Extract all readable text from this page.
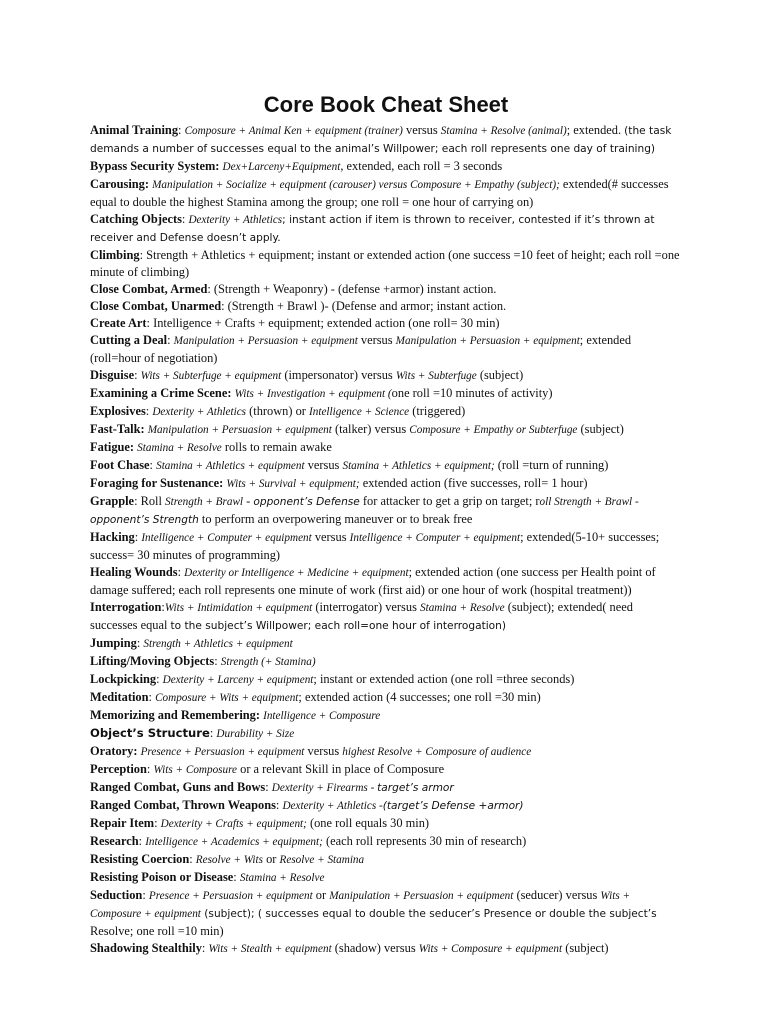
Core Book Cheat Sheet

Animal Training: Composure + Animal Ken + equipment (trainer) versus Stamina + Resolve (animal); extended. (the task demands a number of successes equal to the animal’s Willpower; each roll represents one day of training)

Bypass Security System: Dex+Larceny+Equipment, extended, each roll = 3 seconds

Carousing: Manipulation + Socialize + equipment (carouser) versus Composure + Empathy (subject); extended(# successes equal to double the highest Stamina among the group; one roll = one hour of carrying on)

Catching Objects: Dexterity + Athletics; instant action if item is thrown to receiver, contested if it’s thrown at receiver and Defense doesn’t apply.

Climbing: Strength + Athletics + equipment; instant or extended action (one success =10 feet of height; each roll =one minute of climbing)

Close Combat, Armed: (Strength + Weaponry) - (defense +armor) instant action.

Close Combat, Unarmed: (Strength + Brawl )- (Defense and armor; instant action.

Create Art: Intelligence + Crafts + equipment; extended action (one roll= 30 min)

Cutting a Deal: Manipulation + Persuasion + equipment versus Manipulation + Persuasion + equipment; extended (roll=hour of negotiation)

Disguise: Wits + Subterfuge + equipment (impersonator) versus Wits + Subterfuge (subject)

Examining a Crime Scene: Wits + Investigation + equipment (one roll =10 minutes of activity)

Explosives: Dexterity + Athletics (thrown) or Intelligence + Science (triggered)

Fast-Talk: Manipulation + Persuasion + equipment (talker) versus Composure + Empathy or Subterfuge (subject)

Fatigue: Stamina + Resolve rolls to remain awake

Foot Chase: Stamina + Athletics + equipment versus Stamina + Athletics + equipment; (roll =turn of running)

Foraging for Sustenance: Wits + Survival + equipment; extended action (five successes, roll= 1 hour)

Grapple: Roll Strength + Brawl - opponent’s Defense for attacker to get a grip on target; roll Strength + Brawl - opponent’s Strength to perform an overpowering maneuver or to break free

Hacking: Intelligence + Computer + equipment versus Intelligence + Computer + equipment; extended(5-10+ successes; success= 30 minutes of programming)

Healing Wounds: Dexterity or Intelligence + Medicine + equipment; extended action (one success per Health point of damage suffered; each roll represents one minute of work (first aid) or one hour of work (hospital treatment))

Interrogation:Wits + Intimidation + equipment (interrogator) versus Stamina + Resolve (subject); extended( need successes equal to the subject’s Willpower; each roll=one hour of interrogation)

Jumping: Strength + Athletics + equipment

Lifting/Moving Objects: Strength (+ Stamina)

Lockpicking: Dexterity + Larceny + equipment; instant or extended action (one roll =three seconds)

Meditation: Composure + Wits + equipment; extended action (4 successes; one roll =30 min)

Memorizing and Remembering: Intelligence + Composure

Object’s Structure: Durability + Size

Oratory: Presence + Persuasion + equipment versus highest Resolve + Composure of audience

Perception: Wits + Composure or a relevant Skill in place of Composure

Ranged Combat, Guns and Bows: Dexterity + Firearms - target’s armor

Ranged Combat, Thrown Weapons: Dexterity + Athletics -(target’s Defense +armor)

Repair Item: Dexterity + Crafts + equipment; (one roll equals 30 min)

Research: Intelligence + Academics + equipment; (each roll represents 30 min of research)

Resisting Coercion: Resolve + Wits or Resolve + Stamina

Resisting Poison or Disease: Stamina + Resolve

Seduction: Presence + Persuasion + equipment or Manipulation + Persuasion + equipment (seducer) versus Wits + Composure + equipment (subject); ( successes equal to double the seducer’s Presence or double the subject’s Resolve; one roll =10 min)

Shadowing Stealthily: Wits + Stealth + equipment (shadow) versus Wits + Composure + equipment (subject)
